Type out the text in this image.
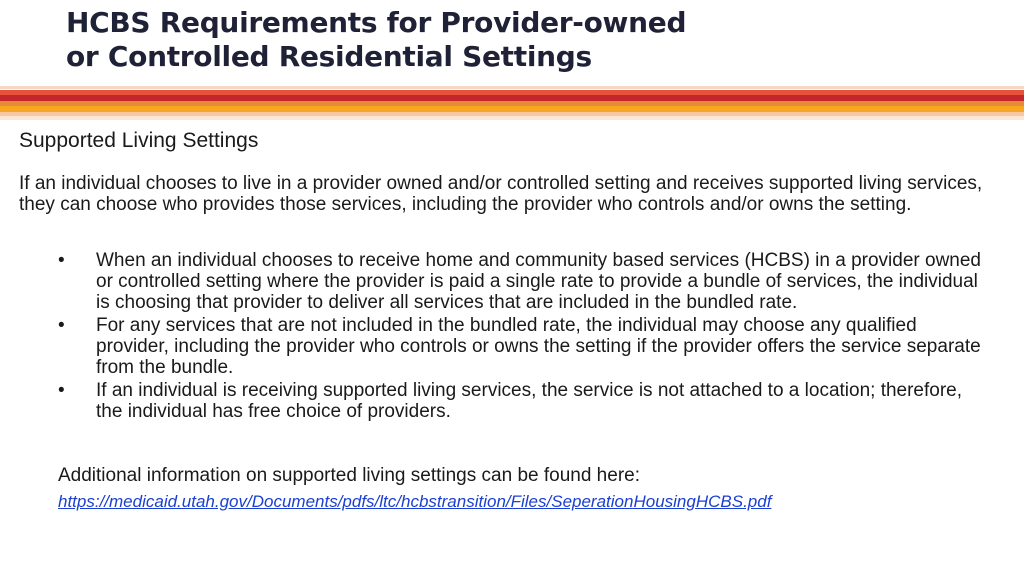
HCBS Requirements for Provider-owned
or Controlled Residential Settings
Supported Living Settings
If an individual chooses to live in a provider owned and/or controlled setting and receives supported living services, they can choose who provides those services, including the provider who controls and/or owns the setting.
• When an individual chooses to receive home and community based services (HCBS) in a provider owned or controlled setting where the provider is paid a single rate to provide a bundle of services, the individual is choosing that provider to deliver all services that are included in the bundled rate.
• For any services that are not included in the bundled rate, the individual may choose any qualified provider, including the provider who controls or owns the setting if the provider offers the service separate from the bundle.
• If an individual is receiving supported living services, the service is not attached to a location; therefore, the individual has free choice of providers.
Additional information on supported living settings can be found here:
https://medicaid.utah.gov/Documents/pdfs/ltc/hcbstransition/Files/SeperationHousingHCBS.pdf
